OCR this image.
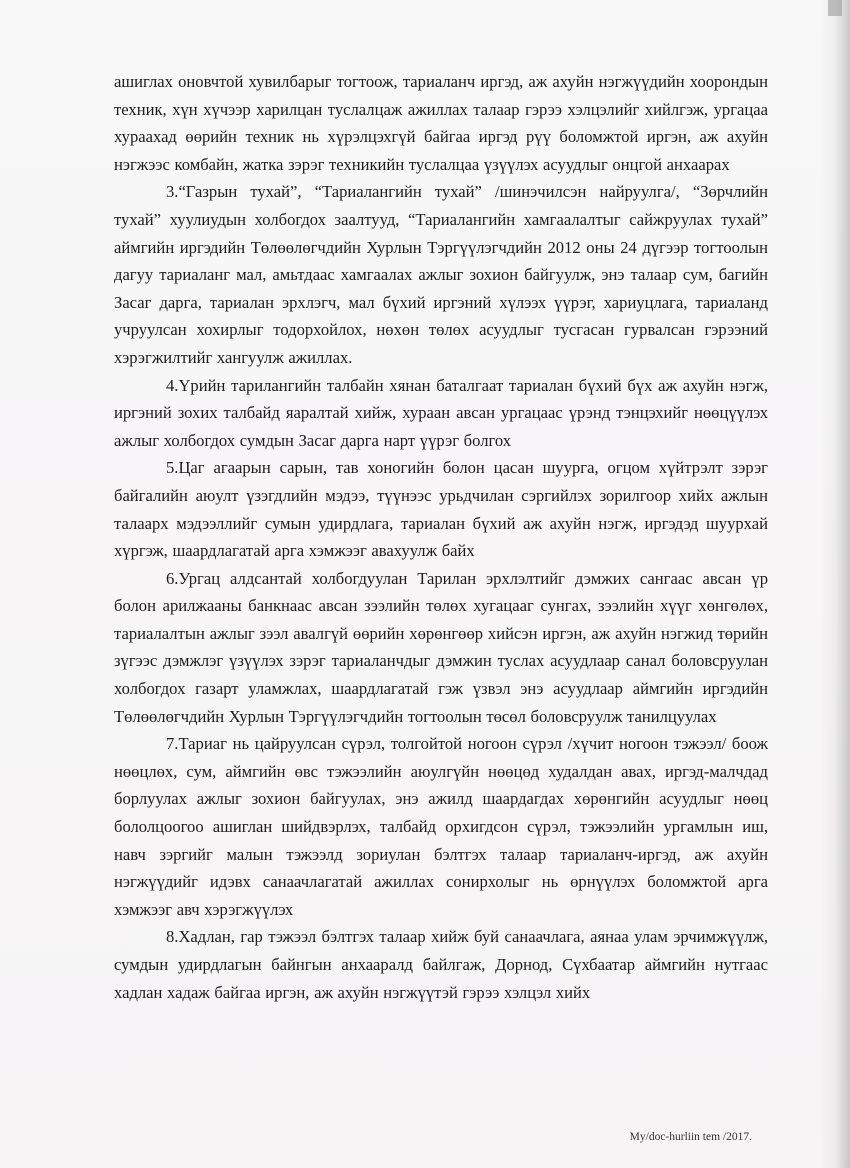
ашиглах оновчтой хувилбарыг тогтоож, тариаланч иргэд, аж ахуйн нэгжүүдийн хоорондын техник, хүн хүчээр харилцан туслалцаж ажиллах талаар гэрээ хэлцэлийг хийлгэж, ургацаа хураахад өөрийн техник нь хүрэлцэхгүй байгаа иргэд рүү боломжтой иргэн, аж ахуйн нэгжээс комбайн, жатка зэрэг техникийн туслалцаа үзүүлэх асуудлыг онцгой анхаарах

3.“Газрын тухай”, “Тариалангийн тухай” /шинэчилсэн найруулга/, “Зөрчлийн тухай” хуулиудын холбогдох заалтууд, “Тариалангийн хамгаалалтыг сайжруулах тухай” аймгийн иргэдийн Төлөөлөгчдийн Хурлын Тэргүүлэгчдийн 2012 оны 24 дүгээр тогтоолын дагуу тариаланг мал, амьтдаас хамгаалах ажлыг зохион байгуулж, энэ талаар сум, багийн Засаг дарга, тариалан эрхлэгч, мал бүхий иргэний хүлээх үүрэг, хариуцлага, тариаланд учруулсан хохирлыг тодорхойлох, нөхөн төлөх асуудлыг тусгасан гурвалсан гэрээний хэрэгжилтийг хангуулж ажиллах.

4.Үрийн тарилангийн талбайн хянан баталгаат тариалан бүхий бүх аж ахуйн нэгж, иргэний зохих талбайд яаралтай хийж, хураан авсан ургацаас үрэнд тэнцэхийг нөөцүүлэх ажлыг холбогдох сумдын Засаг дарга нарт үүрэг болгох

5.Цаг агаарын сарын, тав хоногийн болон цасан шуурга, огцом хүйтрэлт зэрэг байгалийн аюулт үзэгдлийн мэдээ, түүнээс урьдчилан сэргийлэх зорилгоор хийх ажлын талаарх мэдээллийг сумын удирдлага, тариалан бүхий аж ахуйн нэгж, иргэдэд шуурхай хүргэж, шаардлагатай арга хэмжээг авахуулж байх

6.Ургац алдсантай холбогдуулан Тарилан эрхлэлтийг дэмжих сангаас авсан үр болон арилжааны банкнаас авсан зээлийн төлөх хугацааг сунгах, зээлийн хүүг хөнгөлөх, тариалалтын ажлыг зээл авалгүй өөрийн хөрөнгөөр хийсэн иргэн, аж ахуйн нэгжид төрийн зүгээс дэмжлэг үзүүлэх зэрэг тариаланчдыг дэмжин туслах асуудлаар санал боловсруулан холбогдох газарт уламжлах, шаардлагатай гэж үзвэл энэ асуудлаар аймгийн иргэдийн Төлөөлөгчдийн Хурлын Тэргүүлэгчдийн тогтоолын төсөл боловсруулж танилцуулах

7.Тариаг нь цайруулсан сүрэл, толгойтой ногоон сүрэл /хүчит ногоон тэжээл/ боож нөөцлөх, сум, аймгийн өвс тэжээлийн аюулгүйн нөөцөд худалдан авах, иргэд-малчдад борлуулах ажлыг зохион байгуулах, энэ ажилд шаардагдах хөрөнгийн асуудлыг нөөц бололцоогоо ашиглан шийдвэрлэх, талбайд орхигдсон сүрэл, тэжээлийн ургамлын иш, навч зэргийг малын тэжээлд зориулан бэлтгэх талаар тариаланч-иргэд, аж ахуйн нэгжүүдийг идэвх санаачлагатай ажиллах сонирхолыг нь өрнүүлэх боломжтой арга хэмжээг авч хэрэгжүүлэх

8.Хадлан, гар тэжээл бэлтгэх талаар хийж буй санаачлага, аянаа улам эрчимжүүлж, сумдын удирдлагын байнгын анхааралд байлгаж, Дорнод, Сүхбаатар аймгийн нутгаас хадлан хадаж байгаа иргэн, аж ахуйн нэгжүүтэй гэрээ хэлцэл хийх

My/doc-hurliin tem /2017.
